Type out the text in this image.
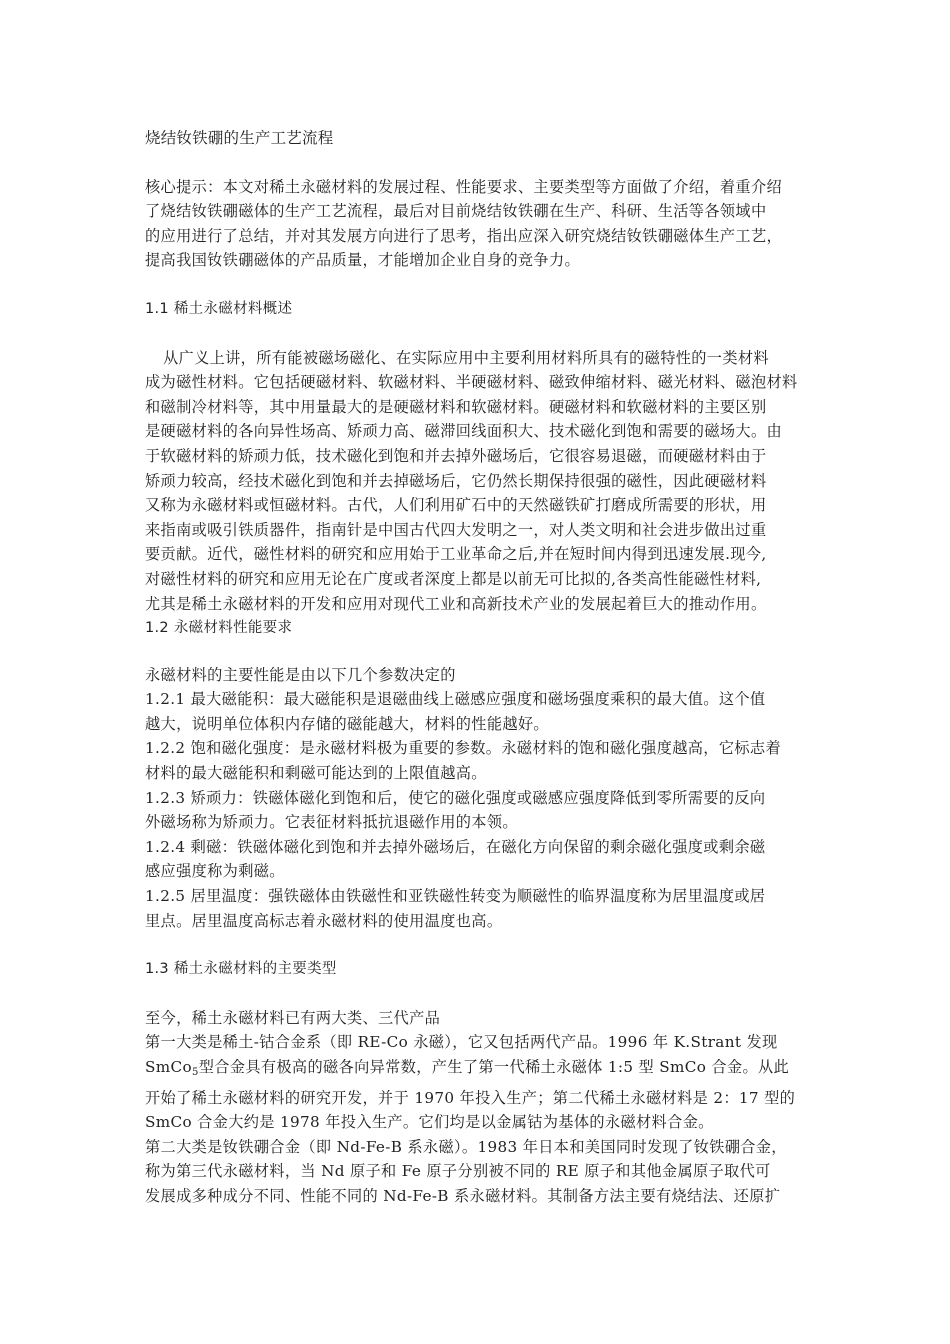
烧结钕铁硼的生产工艺流程
核心提示：本文对稀土永磁材料的发展过程、性能要求、主要类型等方面做了介绍，着重介绍
了烧结钕铁硼磁体的生产工艺流程，最后对目前烧结钕铁硼在生产、科研、生活等各领域中
的应用进行了总结，并对其发展方向进行了思考，指出应深入研究烧结钕铁硼磁体生产工艺，
提高我国钕铁硼磁体的产品质量，才能增加企业自身的竞争力。
1.1 稀土永磁材料概述
从广义上讲，所有能被磁场磁化、在实际应用中主要利用材料所具有的磁特性的一类材料
成为磁性材料。它包括硬磁材料、软磁材料、半硬磁材料、磁致伸缩材料、磁光材料、磁泡材料
和磁制冷材料等，其中用量最大的是硬磁材料和软磁材料。硬磁材料和软磁材料的主要区别
是硬磁材料的各向异性场高、矫顽力高、磁滞回线面积大、技术磁化到饱和需要的磁场大。由
于软磁材料的矫顽力低，技术磁化到饱和并去掉外磁场后，它很容易退磁，而硬磁材料由于
矫顽力较高，经技术磁化到饱和并去掉磁场后，它仍然长期保持很强的磁性，因此硬磁材料
又称为永磁材料或恒磁材料。古代，人们利用矿石中的天然磁铁矿打磨成所需要的形状，用
来指南或吸引铁质器件，指南针是中国古代四大发明之一，对人类文明和社会进步做出过重
要贡献。近代，磁性材料的研究和应用始于工业革命之后,并在短时间内得到迅速发展.现今,
对磁性材料的研究和应用无论在广度或者深度上都是以前无可比拟的,各类高性能磁性材料,
尤其是稀土永磁材料的开发和应用对现代工业和高新技术产业的发展起着巨大的推动作用。
1.2 永磁材料性能要求
永磁材料的主要性能是由以下几个参数决定的
1.2.1 最大磁能积：最大磁能积是退磁曲线上磁感应强度和磁场强度乘积的最大值。这个值
越大，说明单位体积内存储的磁能越大，材料的性能越好。
1.2.2 饱和磁化强度：是永磁材料极为重要的参数。永磁材料的饱和磁化强度越高，它标志着
材料的最大磁能积和剩磁可能达到的上限值越高。
1.2.3 矫顽力：铁磁体磁化到饱和后，使它的磁化强度或磁感应强度降低到零所需要的反向
外磁场称为矫顽力。它表征材料抵抗退磁作用的本领。
1.2.4 剩磁：铁磁体磁化到饱和并去掉外磁场后，在磁化方向保留的剩余磁化强度或剩余磁
感应强度称为剩磁。
1.2.5 居里温度：强铁磁体由铁磁性和亚铁磁性转变为顺磁性的临界温度称为居里温度或居
里点。居里温度高标志着永磁材料的使用温度也高。
1.3 稀土永磁材料的主要类型
至今，稀土永磁材料已有两大类、三代产品
第一大类是稀土-钴合金系（即 RE-Co 永磁），它又包括两代产品。1996 年 K.Strant 发现
SmCo$_5$型合金具有极高的磁各向异常数，产生了第一代稀土永磁体 1:5 型 SmCo 合金。从此
开始了稀土永磁材料的研究开发，并于 1970 年投入生产；第二代稀土永磁材料是 2：17 型的
SmCo 合金大约是 1978 年投入生产。它们均是以金属钴为基体的永磁材料合金。
第二大类是钕铁硼合金（即 Nd-Fe-B 系永磁）。1983 年日本和美国同时发现了钕铁硼合金，
称为第三代永磁材料，当 Nd 原子和 Fe 原子分别被不同的 RE 原子和其他金属原子取代可
发展成多种成分不同、性能不同的 Nd-Fe-B 系永磁材料。其制备方法主要有烧结法、还原扩
